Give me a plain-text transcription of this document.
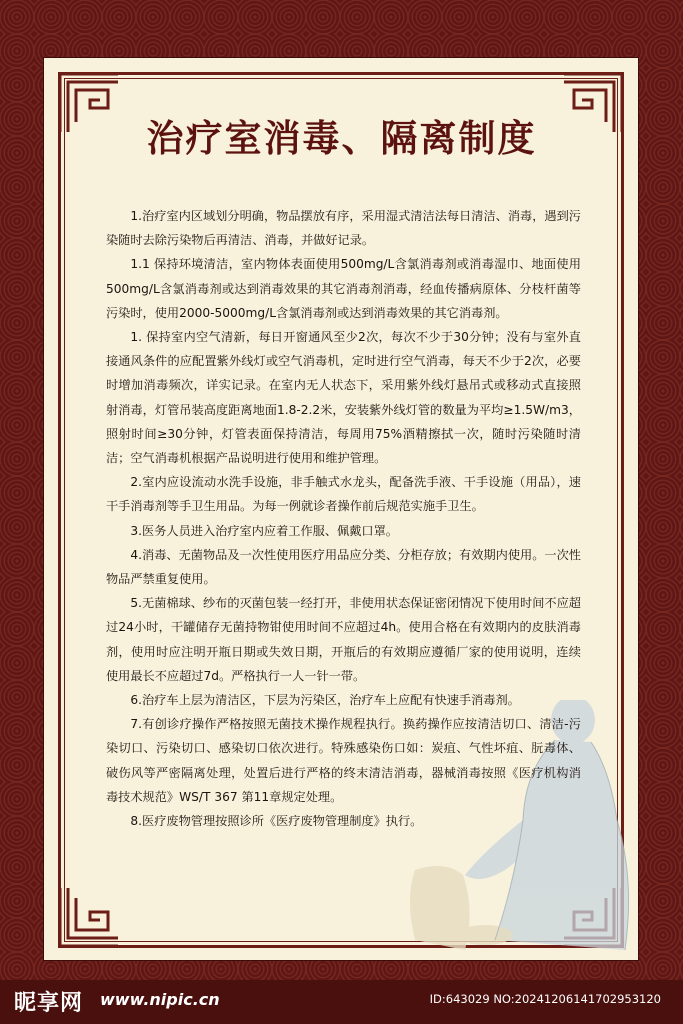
治疗室消毒、隔离制度

1.治疗室内区域划分明确，物品摆放有序，采用湿式清洁法每日清洁、消毒，遇到污染随时去除污染物后再清洁、消毒，并做好记录。

1.1 保持环境清洁，室内物体表面使用500mg/L含氯消毒剂或消毒湿巾、地面使用500mg/L含氯消毒剂或达到消毒效果的其它消毒剂消毒，经血传播病原体、分枝杆菌等污染时，使用2000-5000mg/L含氯消毒剂或达到消毒效果的其它消毒剂。

1. 保持室内空气清新，每日开窗通风至少2次，每次不少于30分钟；没有与室外直接通风条件的应配置紫外线灯或空气消毒机，定时进行空气消毒，每天不少于2次，必要时增加消毒频次，详实记录。在室内无人状态下，采用紫外线灯悬吊式或移动式直接照射消毒，灯管吊装高度距离地面1.8-2.2米，安装紫外线灯管的数量为平均≥1.5W/m3，照射时间≥30分钟，灯管表面保持清洁，每周用75%酒精擦拭一次，随时污染随时清洁；空气消毒机根据产品说明进行使用和维护管理。

2.室内应设流动水洗手设施，非手触式水龙头，配备洗手液、干手设施（用品），速干手消毒剂等手卫生用品。为每一例就诊者操作前后规范实施手卫生。

3.医务人员进入治疗室内应着工作服、佩戴口罩。

4.消毒、无菌物品及一次性使用医疗用品应分类、分柜存放；有效期内使用。一次性物品严禁重复使用。

5.无菌棉球、纱布的灭菌包装一经打开，非使用状态保证密闭情况下使用时间不应超过24小时，干罐储存无菌持物钳使用时间不应超过4h。使用合格在有效期内的皮肤消毒剂，使用时应注明开瓶日期或失效日期，开瓶后的有效期应遵循厂家的使用说明，连续使用最长不应超过7d。严格执行一人一针一带。

6.治疗车上层为清洁区，下层为污染区，治疗车上应配有快速手消毒剂。

7.有创诊疗操作严格按照无菌技术操作规程执行。换药操作应按清洁切口、清洁-污染切口、污染切口、感染切口依次进行。特殊感染伤口如：炭疽、气性坏疽、朊毒体、破伤风等严密隔离处理，处置后进行严格的终末清洁消毒，器械消毒按照《医疗机构消毒技术规范》WS/T 367 第11章规定处理。

8.医疗废物管理按照诊所《医疗废物管理制度》执行。

昵享网 www.nipic.cn	ID:643029 NO:20241206141702953120
